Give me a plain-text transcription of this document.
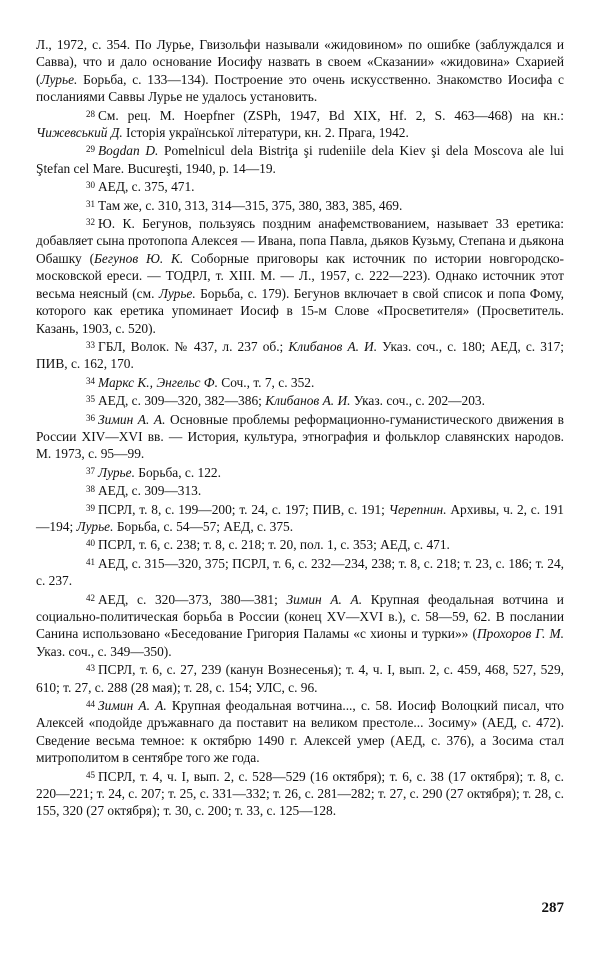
Л., 1972, с. 354. По Лурье, Гвизольфи называли «жидовином» по ошибке (заблуждался и Савва), что и дало основание Иосифу назвать в своем «Сказании» «жидовина» Схарией (Лурье. Борьба, с. 133—134). Построение это очень искусственно. Знакомство Иосифа с посланиями Саввы Лурье не удалось установить.

$^{28}$ См. рец. М. Hoepfner (ZSPh, 1947, Bd XIX, Hf. 2, S. 463—468) на кн.: Чижевський Д. Історія української літератури, кн. 2. Прага, 1942.

$^{29}$ Bogdan D. Pomelnicul dela Bistriţa şi rudeniile dela Kiev şi dela Moscova ale lui Ştefan cel Mare. Bucureşti, 1940, p. 14—19.

$^{30}$ АЕД, с. 375, 471.

$^{31}$ Там же, с. 310, 313, 314—315, 375, 380, 383, 385, 469.

$^{32}$ Ю. К. Бегунов, пользуясь поздним анафемствованием, называет 33 еретика: добавляет сына протопопа Алексея — Ивана, попа Павла, дьяков Кузьму, Степана и дьякона Обашку (Бегунов Ю. К. Соборные приговоры как источник по истории новгородско-московской ереси. — ТОДРЛ, т. XIII. М. — Л., 1957, с. 222—223). Однако источник этот весьма неясный (см. Лурье. Борьба, с. 179). Бегунов включает в свой список и попа Фому, которого как еретика упоминает Иосиф в 15-м Слове «Просветителя» (Просветитель. Казань, 1903, с. 520).

$^{33}$ ГБЛ, Волок. № 437, л. 237 об.; Клибанов А. И. Указ. соч., с. 180; АЕД, с. 317; ПИВ, с. 162, 170.

$^{34}$ Маркс К., Энгельс Ф. Соч., т. 7, с. 352.

$^{35}$ АЕД, с. 309—320, 382—386; Клибанов А. И. Указ. соч., с. 202—203.

$^{36}$ Зимин А. А. Основные проблемы реформационно-гуманистического движения в России XIV—XVI вв. — История, культура, этнография и фольклор славянских народов. М. 1973, с. 95—99.

$^{37}$ Лурье. Борьба, с. 122.

$^{38}$ АЕД, с. 309—313.

$^{39}$ ПСРЛ, т. 8, с. 199—200; т. 24, с. 197; ПИВ, с. 191; Черепнин. Архивы, ч. 2, с. 191—194; Лурье. Борьба, с. 54—57; АЕД, с. 375.

$^{40}$ ПСРЛ, т. 6, с. 238; т. 8, с. 218; т. 20, пол. 1, с. 353; АЕД, с. 471.

$^{41}$ АЕД, с. 315—320, 375; ПСРЛ, т. 6, с. 232—234, 238; т. 8, с. 218; т. 23, с. 186; т. 24, с. 237.

$^{42}$ АЕД, с. 320—373, 380—381; Зимин А. А. Крупная феодальная вотчина и социально-политическая борьба в России (конец XV—XVI в.), с. 58—59, 62. В послании Санина использовано «Беседование Григория Паламы «с хионы и турки»» (Прохоров Г. М. Указ. соч., с. 349—350).

$^{43}$ ПСРЛ, т. 6, с. 27, 239 (канун Вознесенья); т. 4, ч. I, вып. 2, с. 459, 468, 527, 529, 610; т. 27, с. 288 (28 мая); т. 28, с. 154; УЛС, с. 96.

$^{44}$ Зимин А. А. Крупная феодальная вотчина..., с. 58. Иосиф Волоцкий писал, что Алексей «подойде дръжавнаго да поставит на великом престоле... Зосиму» (АЕД, с. 472). Сведение весьма темное: к октябрю 1490 г. Алексей умер (АЕД, с. 376), а Зосима стал митрополитом в сентябре того же года.

$^{45}$ ПСРЛ, т. 4, ч. I, вып. 2, с. 528—529 (16 октября); т. 6, с. 38 (17 октября); т. 8, с. 220—221; т. 24, с. 207; т. 25, с. 331—332; т. 26, с. 281—282; т. 27, с. 290 (27 октября); т. 28, с. 155, 320 (27 октября); т. 30, с. 200; т. 33, с. 125—128.

287
